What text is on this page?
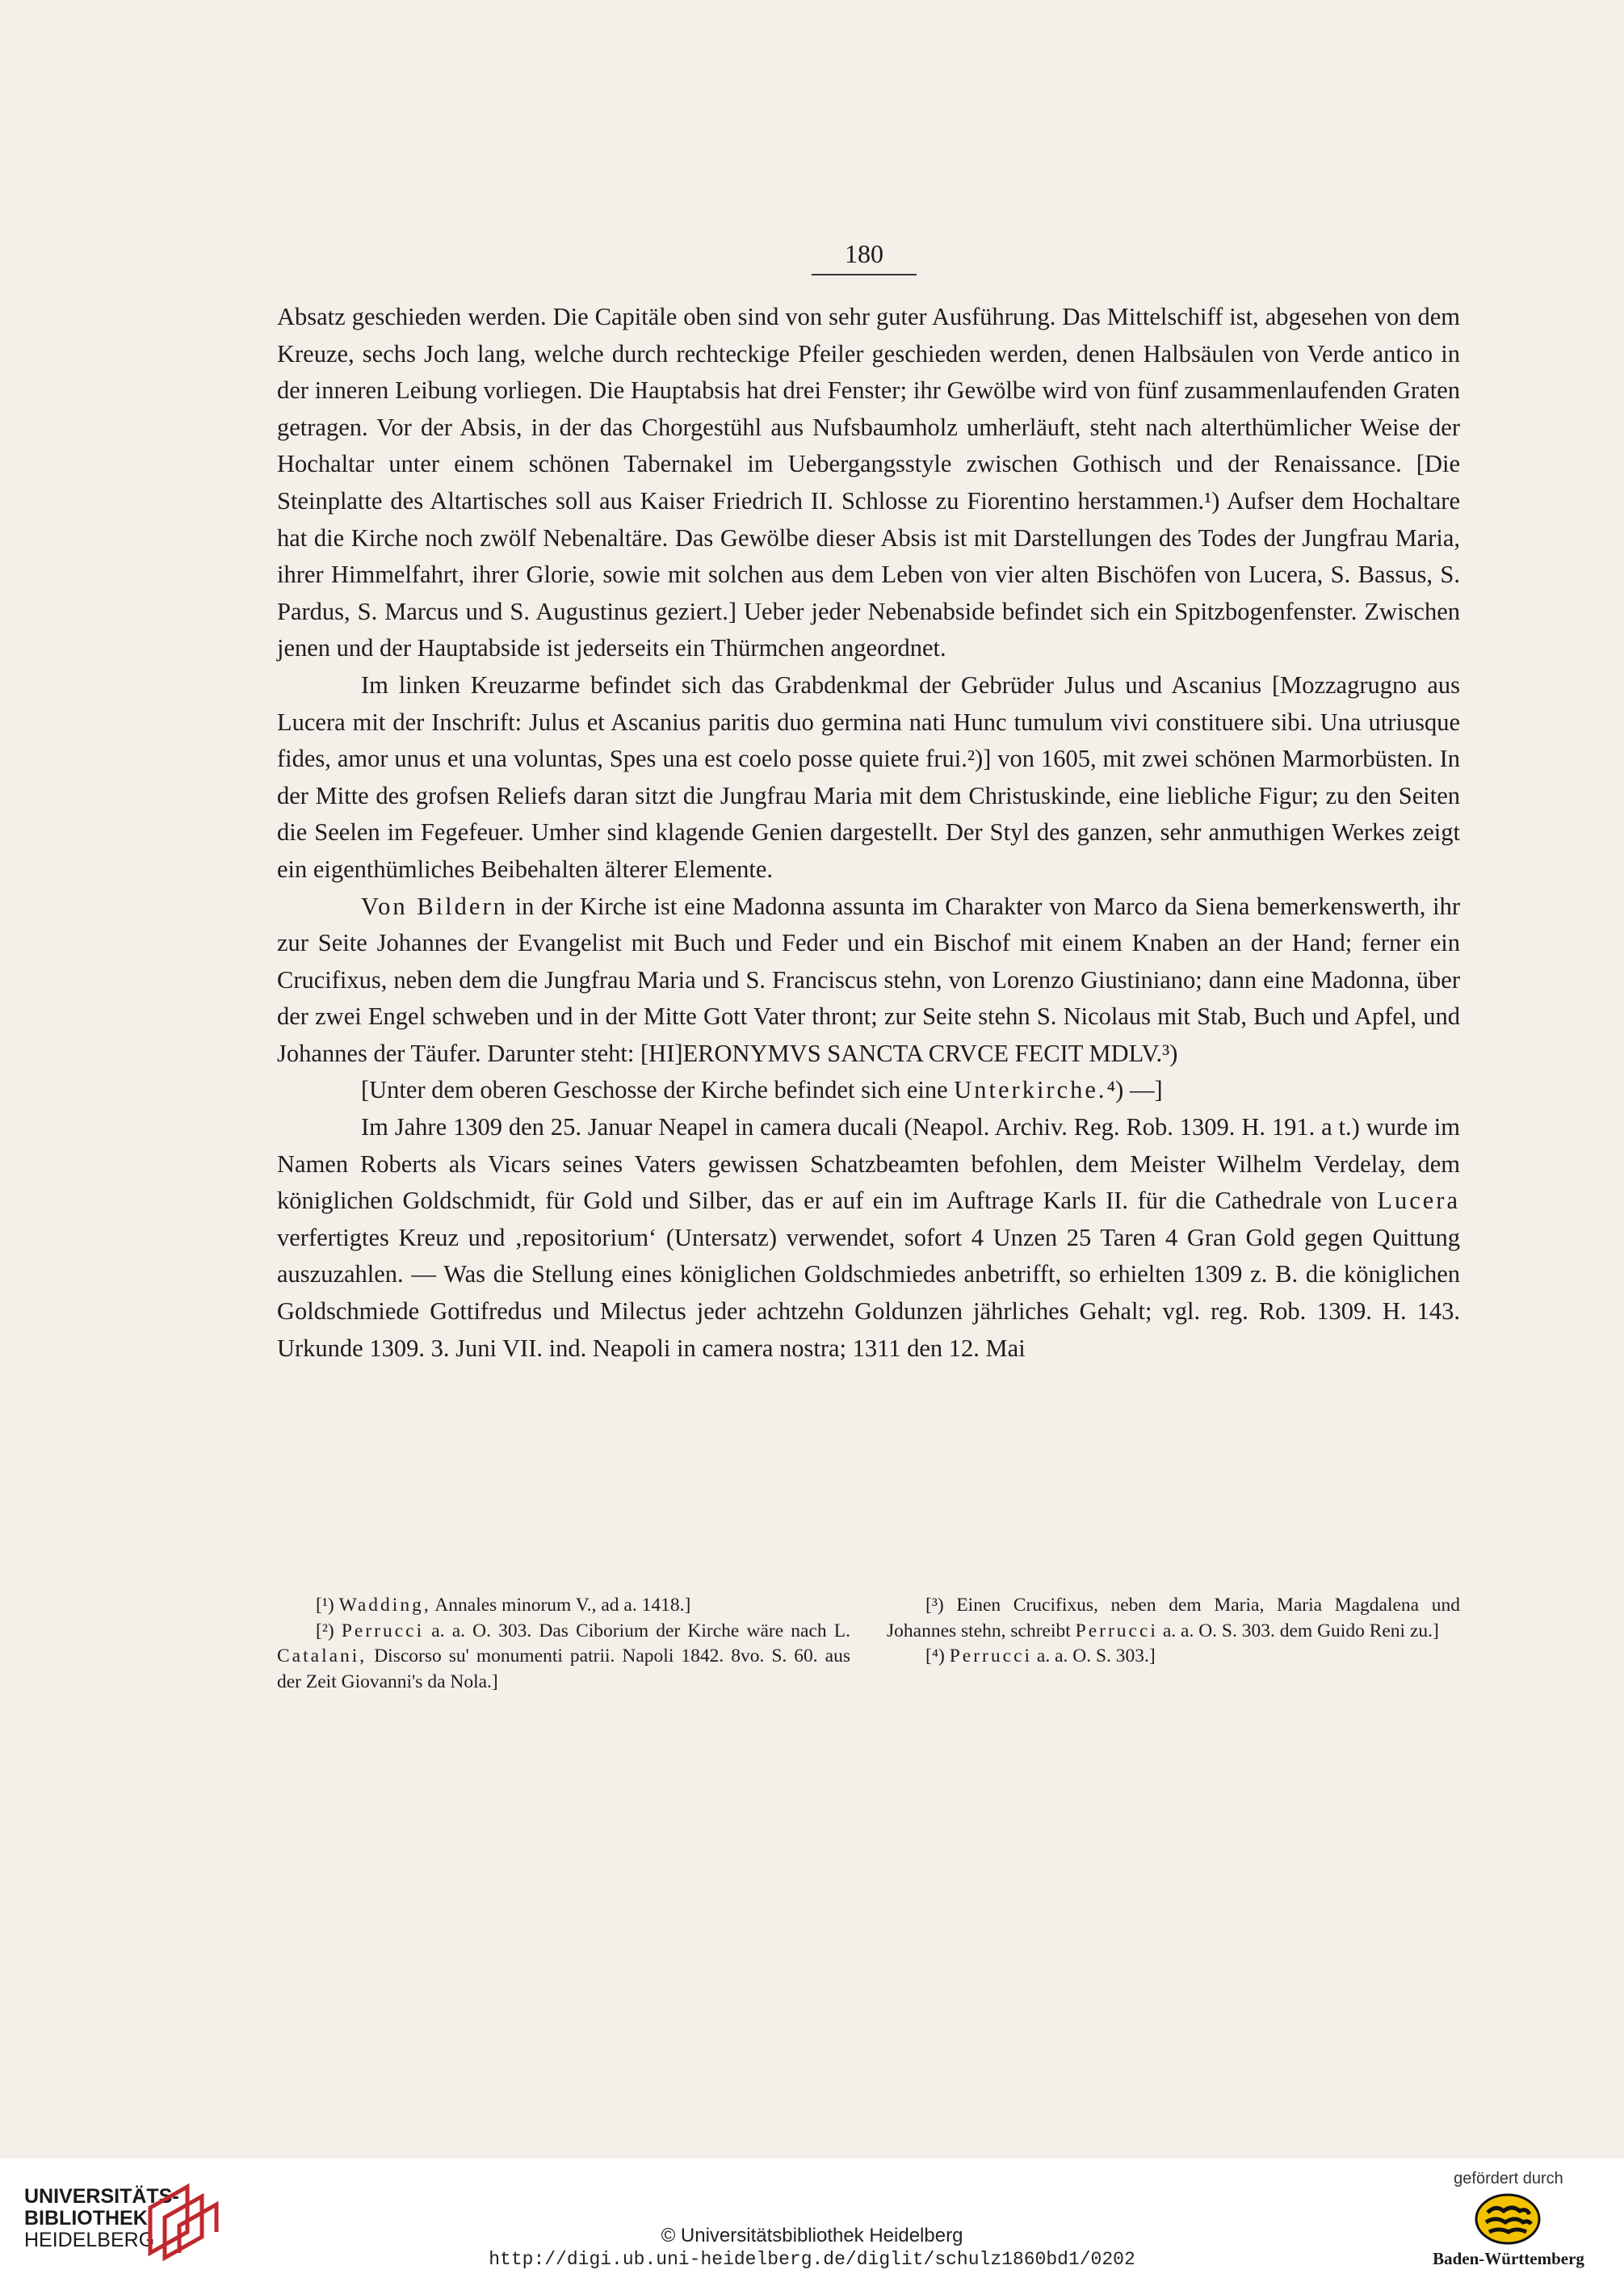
180

Absatz geschieden werden. Die Capitäle oben sind von sehr guter Ausführung. Das Mittelschiff ist, abgesehen von dem Kreuze, sechs Joch lang, welche durch rechteckige Pfeiler geschieden werden, denen Halbsäulen von Verde antico in der inneren Leibung vorliegen. Die Hauptabsis hat drei Fenster; ihr Gewölbe wird von fünf zusammenlaufenden Graten getragen. Vor der Absis, in der das Chorgestühl aus Nufsbaumholz umherläuft, steht nach alterthümlicher Weise der Hochaltar unter einem schönen Tabernakel im Uebergangsstyle zwischen Gothisch und der Renaissance. [Die Steinplatte des Altartisches soll aus Kaiser Friedrich II. Schlosse zu Fiorentino herstammen.¹) Aufser dem Hochaltare hat die Kirche noch zwölf Nebenaltäre. Das Gewölbe dieser Absis ist mit Darstellungen des Todes der Jungfrau Maria, ihrer Himmelfahrt, ihrer Glorie, sowie mit solchen aus dem Leben von vier alten Bischöfen von Lucera, S. Bassus, S. Pardus, S. Marcus und S. Augustinus geziert.] Ueber jeder Nebenabside befindet sich ein Spitzbogenfenster. Zwischen jenen und der Hauptabside ist jederseits ein Thürmchen angeordnet.

Im linken Kreuzarme befindet sich das Grabdenkmal der Gebrüder Julus und Ascanius [Mozzagrugno aus Lucera mit der Inschrift: Julus et Ascanius paritis duo germina nati Hunc tumulum vivi constituere sibi. Una utriusque fides, amor unus et una voluntas, Spes una est coelo posse quiete frui.²)] von 1605, mit zwei schönen Marmorbüsten. In der Mitte des grofsen Reliefs daran sitzt die Jungfrau Maria mit dem Christuskinde, eine liebliche Figur; zu den Seiten die Seelen im Fegefeuer. Umher sind klagende Genien dargestellt. Der Styl des ganzen, sehr anmuthigen Werkes zeigt ein eigenthümliches Beibehalten älterer Elemente.

Von Bildern in der Kirche ist eine Madonna assunta im Charakter von Marco da Siena bemerkenswerth, ihr zur Seite Johannes der Evangelist mit Buch und Feder und ein Bischof mit einem Knaben an der Hand; ferner ein Crucifixus, neben dem die Jungfrau Maria und S. Franciscus stehn, von Lorenzo Giustiniano; dann eine Madonna, über der zwei Engel schweben und in der Mitte Gott Vater thront; zur Seite stehn S. Nicolaus mit Stab, Buch und Apfel, und Johannes der Täufer. Darunter steht: [HI]ERONYMVS SANCTA CRVCE FECIT MDLV.³)

[Unter dem oberen Geschosse der Kirche befindet sich eine Unterkirche.⁴) —]

Im Jahre 1309 den 25. Januar Neapel in camera ducali (Neapol. Archiv. Reg. Rob. 1309. H. 191. a t.) wurde im Namen Roberts als Vicars seines Vaters gewissen Schatzbeamten befohlen, dem Meister Wilhelm Verdelay, dem königlichen Goldschmidt, für Gold und Silber, das er auf ein im Auftrage Karls II. für die Cathedrale von Lucera verfertigtes Kreuz und ‚repositorium‘ (Untersatz) verwendet, sofort 4 Unzen 25 Taren 4 Gran Gold gegen Quittung auszuzahlen. — Was die Stellung eines königlichen Goldschmiedes anbetrifft, so erhielten 1309 z. B. die königlichen Goldschmiede Gottifredus und Milectus jeder achtzehn Goldunzen jährliches Gehalt; vgl. reg. Rob. 1309. H. 143. Urkunde 1309. 3. Juni VII. ind. Neapoli in camera nostra; 1311 den 12. Mai

[¹) Wadding, Annales minorum V., ad a. 1418.]

[²) Perrucci a. a. O. 303. Das Ciborium der Kirche wäre nach L. Catalani, Discorso su' monumenti patrii. Napoli 1842. 8vo. S. 60. aus der Zeit Giovanni's da Nola.]

[³) Einen Crucifixus, neben dem Maria, Maria Magdalena und Johannes stehn, schreibt Perrucci a. a. O. S. 303. dem Guido Reni zu.]

[⁴) Perrucci a. a. O. S. 303.]

UNIVERSITÄTS-
BIBLIOTHEK
HEIDELBERG	© Universitätsbibliothek Heidelberg
http://digi.ub.uni-heidelberg.de/diglit/schulz1860bd1/0202
gefördert durch
Baden-Württemberg
